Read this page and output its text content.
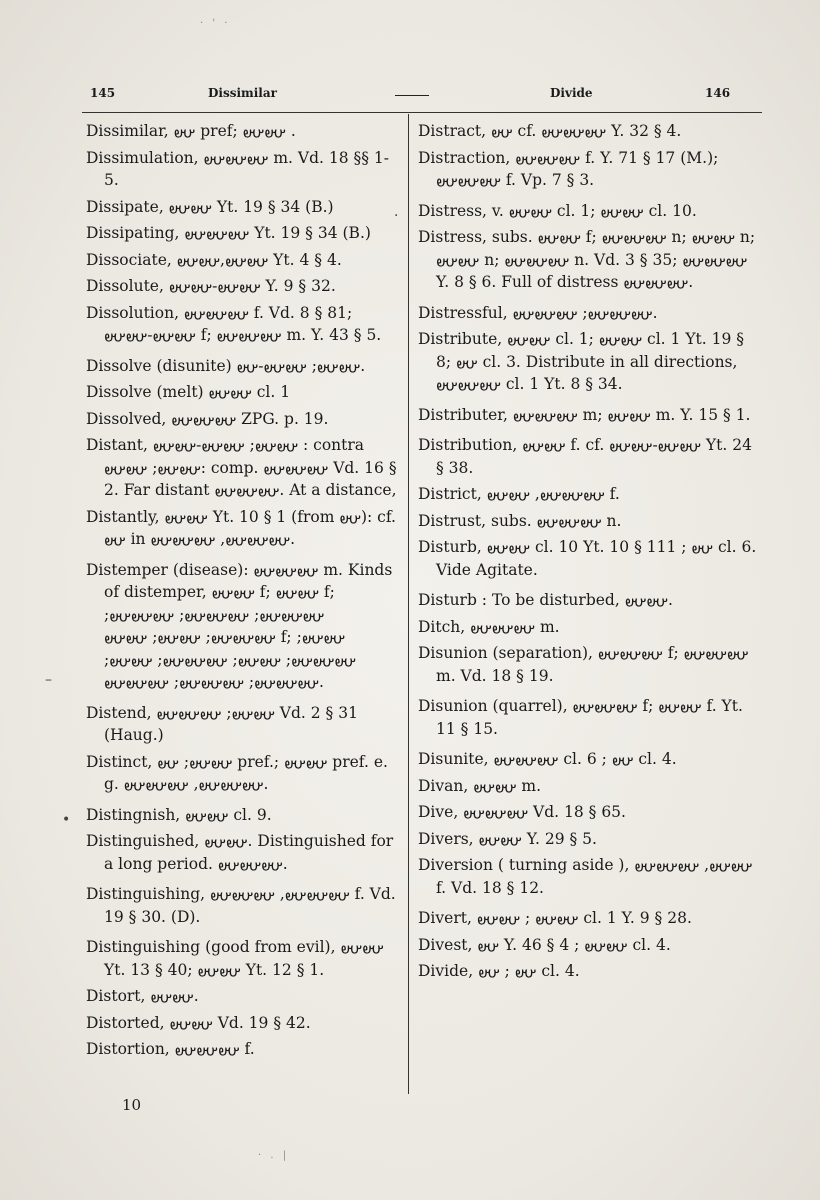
145	Dissimilar	Divide	146
Dissimilar, 𐬀𐬵 pref; 𐬀𐬵𐬀𐬵 .
Dissimulation, 𐬀𐬵𐬀𐬵𐬀𐬵 m. Vd. 18 §§ 1-5.
Dissipate, 𐬀𐬵𐬀𐬵 Yt. 19 § 34 (B.)
Dissipating, 𐬀𐬵𐬀𐬵𐬀𐬵 Yt. 19 § 34 (B.)
Dissociate, 𐬀𐬵𐬀𐬵,𐬀𐬵𐬀𐬵 Yt. 4 § 4.
Dissolute, 𐬀𐬵𐬀𐬵-𐬀𐬵𐬀𐬵 Y. 9 § 32.
Dissolution, 𐬀𐬵𐬀𐬵𐬀𐬵 f. Vd. 8 § 81; 𐬀𐬵𐬀𐬵-𐬀𐬵𐬀𐬵 f; 𐬀𐬵𐬀𐬵𐬀𐬵 m. Y. 43 § 5.
Dissolve (disunite) 𐬀𐬵𐬀𐬵; 𐬀𐬵𐬀𐬵-𐬀𐬵.
Dissolve (melt) 𐬀𐬵𐬀𐬵 cl. 1
Dissolved, 𐬀𐬵𐬀𐬵𐬀𐬵 ZPG. p. 19.
Distant, 𐬀𐬵𐬀𐬵; 𐬀𐬵𐬀𐬵-𐬀𐬵𐬀𐬵 : contra 𐬀𐬵𐬀𐬵; 𐬀𐬵𐬀𐬵: comp. 𐬀𐬵𐬀𐬵𐬀𐬵 Vd. 16 § 2. Far distant 𐬀𐬵𐬀𐬵𐬀𐬵. At a distance,
Distantly, 𐬀𐬵𐬀𐬵 Yt. 10 § 1 (from 𐬀𐬵): cf. 𐬀𐬵 in 𐬀𐬵𐬀𐬵𐬀𐬵, 𐬀𐬵𐬀𐬵𐬀𐬵.
Distemper (disease): 𐬀𐬵𐬀𐬵𐬀𐬵 m. Kinds of distemper, 𐬀𐬵𐬀𐬵 f; 𐬀𐬵𐬀𐬵 f; 𐬀𐬵𐬀𐬵𐬀𐬵; 𐬀𐬵𐬀𐬵𐬀𐬵; 𐬀𐬵𐬀𐬵𐬀𐬵; 𐬀𐬵𐬀𐬵𐬀𐬵; 𐬀𐬵𐬀𐬵; 𐬀𐬵𐬀𐬵 f; 𐬀𐬵𐬀𐬵; 𐬀𐬵𐬀𐬵𐬀𐬵; 𐬀𐬵𐬀𐬵; 𐬀𐬵𐬀𐬵𐬀𐬵; 𐬀𐬵𐬀𐬵; 𐬀𐬵𐬀𐬵𐬀𐬵; 𐬀𐬵𐬀𐬵𐬀𐬵; 𐬀𐬵𐬀𐬵𐬀𐬵.
Distend, 𐬀𐬵𐬀𐬵; 𐬀𐬵𐬀𐬵𐬀𐬵 Vd. 2 § 31 (Haug.)
Distinct, 𐬀𐬵𐬀𐬵; 𐬀𐬵 pref.; 𐬀𐬵𐬀𐬵 pref. e. g. 𐬀𐬵𐬀𐬵𐬀𐬵, 𐬀𐬵𐬀𐬵𐬀𐬵.
Distingnish, 𐬀𐬵𐬀𐬵 cl. 9.
Distinguished, 𐬀𐬵𐬀𐬵. Distinguished for a long period. 𐬀𐬵𐬀𐬵𐬀𐬵.
Distinguishing, 𐬀𐬵𐬀𐬵𐬀𐬵, 𐬀𐬵𐬀𐬵𐬀𐬵 f. Vd. 19 § 30. (D).
Distinguishing (good from evil), 𐬀𐬵𐬀𐬵 Yt. 13 § 40; 𐬀𐬵𐬀𐬵 Yt. 12 § 1.
Distort, 𐬀𐬵𐬀𐬵.
Distorted, 𐬀𐬵𐬀𐬵 Vd. 19 § 42.
Distortion, 𐬀𐬵𐬀𐬵𐬀𐬵 f.
Distract, 𐬀𐬵 cf. 𐬀𐬵𐬀𐬵𐬀𐬵 Y. 32 § 4.
Distraction, 𐬀𐬵𐬀𐬵𐬀𐬵 f. Y. 71 § 17 (M.); 𐬀𐬵𐬀𐬵𐬀𐬵 f. Vp. 7 § 3.
Distress, v. 𐬀𐬵𐬀𐬵 cl. 1; 𐬀𐬵𐬀𐬵 cl. 10.
Distress, subs. 𐬀𐬵𐬀𐬵 f; 𐬀𐬵𐬀𐬵𐬀𐬵 n; 𐬀𐬵𐬀𐬵 n; 𐬀𐬵𐬀𐬵 n; 𐬀𐬵𐬀𐬵𐬀𐬵 n. Vd. 3 § 35; 𐬀𐬵𐬀𐬵𐬀𐬵 Y. 8 § 6. Full of distress 𐬀𐬵𐬀𐬵𐬀𐬵.
Distressful, 𐬀𐬵𐬀𐬵𐬀𐬵; 𐬀𐬵𐬀𐬵𐬀𐬵.
Distribute, 𐬀𐬵𐬀𐬵 cl. 1; 𐬀𐬵𐬀𐬵 cl. 1 Yt. 19 § 8; 𐬀𐬵 cl. 3. Distribute in all directions, 𐬀𐬵𐬀𐬵𐬀𐬵 cl. 1 Yt. 8 § 34.
Distributer, 𐬀𐬵𐬀𐬵𐬀𐬵 m; 𐬀𐬵𐬀𐬵 m. Y. 15 § 1.
Distribution, 𐬀𐬵𐬀𐬵 f. cf. 𐬀𐬵𐬀𐬵-𐬀𐬵𐬀𐬵 Yt. 24 § 38.
District, 𐬀𐬵𐬀𐬵𐬀𐬵, 𐬀𐬵𐬀𐬵 f.
Distrust, subs. 𐬀𐬵𐬀𐬵𐬀𐬵 n.
Disturb, 𐬀𐬵𐬀𐬵 cl. 10 Yt. 10 § 111 ; 𐬀𐬵 cl. 6. Vide Agitate.
Disturb : To be disturbed, 𐬀𐬵𐬀𐬵.
Ditch, 𐬀𐬵𐬀𐬵𐬀𐬵 m.
Disunion (separation), 𐬀𐬵𐬀𐬵𐬀𐬵 f; 𐬀𐬵𐬀𐬵𐬀𐬵 m. Vd. 18 § 19.
Disunion (quarrel), 𐬀𐬵𐬀𐬵𐬀𐬵 f; 𐬀𐬵𐬀𐬵 f. Yt. 11 § 15.
Disunite, 𐬀𐬵𐬀𐬵𐬀𐬵 cl. 6 ; 𐬀𐬵 cl. 4.
Divan, 𐬀𐬵𐬀𐬵 m.
Dive, 𐬀𐬵𐬀𐬵𐬀𐬵 Vd. 18 § 65.
Divers, 𐬀𐬵𐬀𐬵 Y. 29 § 5.
Diversion ( turning aside ), 𐬀𐬵𐬀𐬵, 𐬀𐬵𐬀𐬵𐬀𐬵 f. Vd. 18 § 12.
Divert, 𐬀𐬵𐬀𐬵 ; 𐬀𐬵𐬀𐬵 cl. 1 Y. 9 § 28.
Divest, 𐬀𐬵 Y. 46 § 4 ; 𐬀𐬵𐬀𐬵 cl. 4.
Divide, 𐬀𐬵 ; 𐬀𐬵 cl. 4.
10
–
•
·
· ' ·
· . |
